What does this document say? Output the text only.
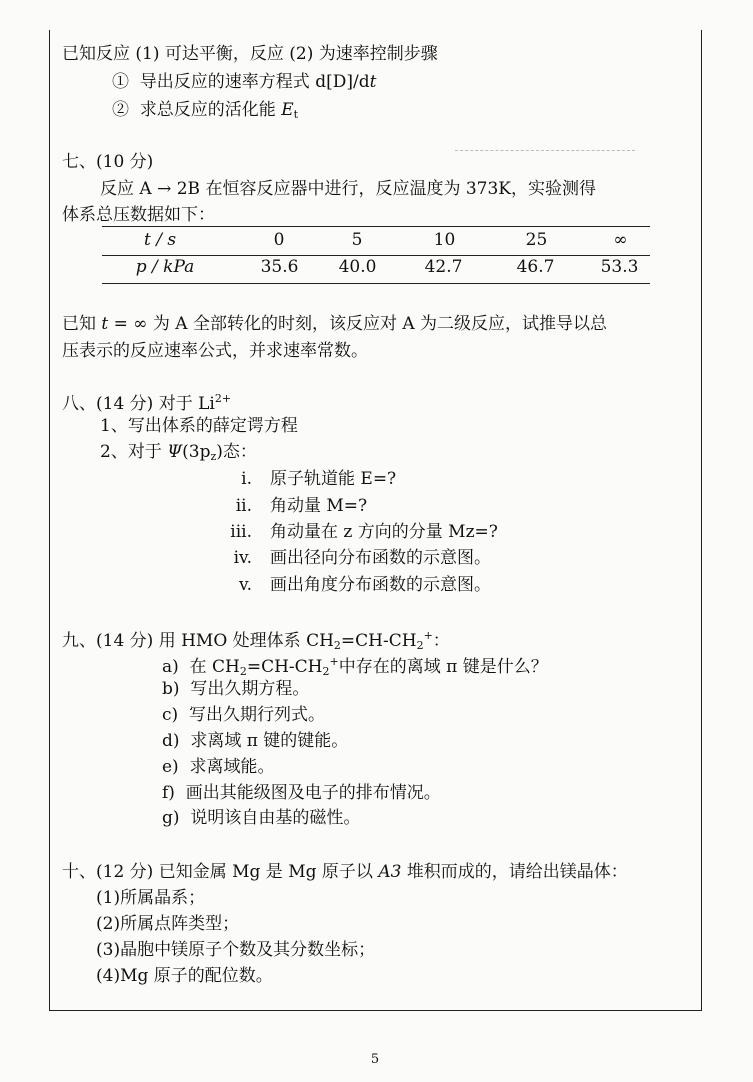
已知反应 (1) 可达平衡，反应 (2) 为速率控制步骤
① 导出反应的速率方程式 d[D]/dt
② 求总反应的活化能 $E_t$
七、(10 分)
反应 A → 2B 在恒容反应器中进行，反应温度为 373K，实验测得
体系总压数据如下：
t / s	0	5	10	25	∞
p / kPa	35.6	40.0	42.7	46.7	53.3
已知 t = ∞ 为 A 全部转化的时刻，该反应对 A 为二级反应，试推导以总
压表示的反应速率公式，并求速率常数。
八、(14 分) 对于 $Li^{2+}$
1、写出体系的薛定谔方程
2、对于 $\Psi(3p_z)$态：
i. 原子轨道能 E=?
ii. 角动量 M=?
iii. 角动量在 z 方向的分量 Mz=?
iv. 画出径向分布函数的示意图。
v. 画出角度分布函数的示意图。
九、(14 分) 用 HMO 处理体系 $CH_2=CH-CH_2^+$：
a) 在 $CH_2=CH-CH_2^+$中存在的离域 π 键是什么？
b) 写出久期方程。
c) 写出久期行列式。
d) 求离域 π 键的键能。
e) 求离域能。
f) 画出其能级图及电子的排布情况。
g) 说明该自由基的磁性。
十、(12 分) 已知金属 Mg 是 Mg 原子以 A3 堆积而成的，请给出镁晶体：
(1)所属晶系；
(2)所属点阵类型；
(3)晶胞中镁原子个数及其分数坐标；
(4)Mg 原子的配位数。
5
